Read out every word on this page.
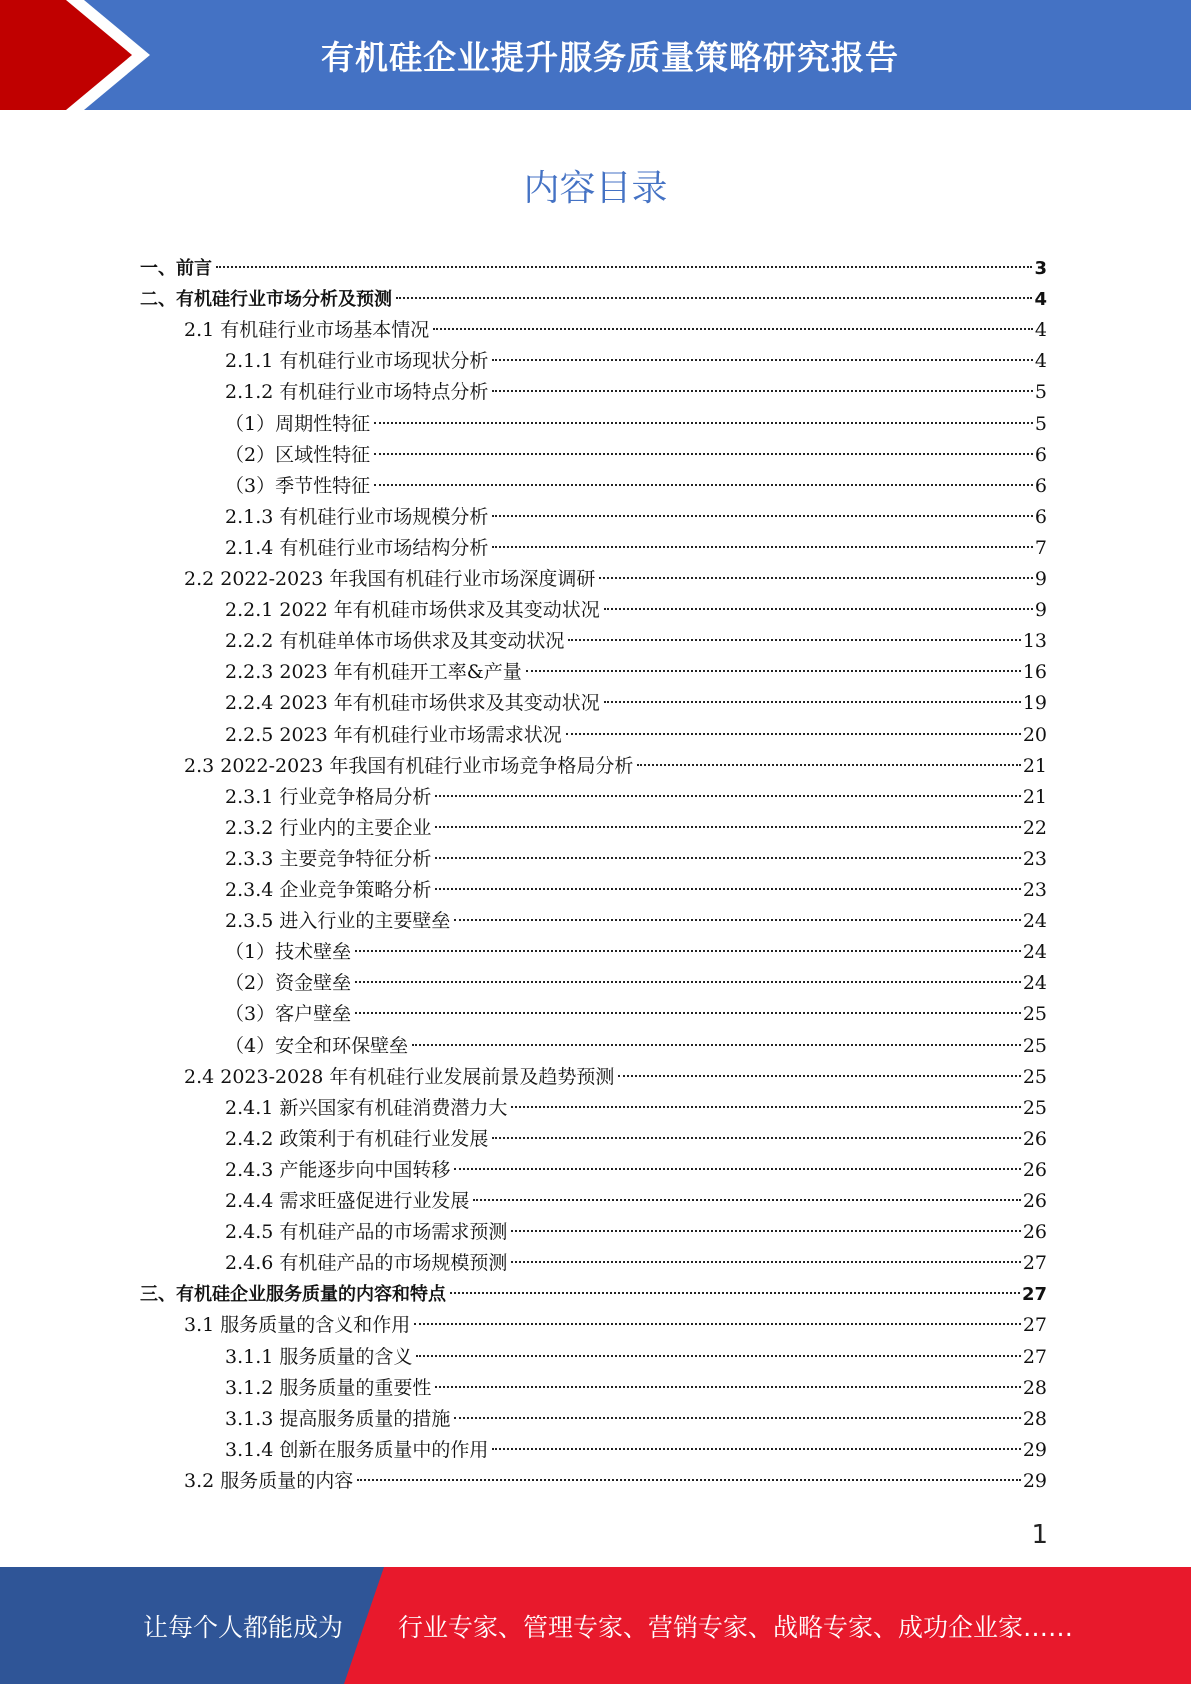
有机硅企业提升服务质量策略研究报告
内容目录
一、前言	3
二、有机硅行业市场分析及预测	4
2.1 有机硅行业市场基本情况	4
2.1.1 有机硅行业市场现状分析	4
2.1.2 有机硅行业市场特点分析	5
（1）周期性特征	5
（2）区域性特征	6
（3）季节性特征	6
2.1.3 有机硅行业市场规模分析	6
2.1.4 有机硅行业市场结构分析	7
2.2 2022-2023 年我国有机硅行业市场深度调研	9
2.2.1 2022 年有机硅市场供求及其变动状况	9
2.2.2 有机硅单体市场供求及其变动状况	13
2.2.3 2023 年有机硅开工率&产量	16
2.2.4 2023 年有机硅市场供求及其变动状况	19
2.2.5 2023 年有机硅行业市场需求状况	20
2.3 2022-2023 年我国有机硅行业市场竞争格局分析	21
2.3.1 行业竞争格局分析	21
2.3.2 行业内的主要企业	22
2.3.3 主要竞争特征分析	23
2.3.4 企业竞争策略分析	23
2.3.5 进入行业的主要壁垒	24
（1）技术壁垒	24
（2）资金壁垒	24
（3）客户壁垒	25
（4）安全和环保壁垒	25
2.4 2023-2028 年有机硅行业发展前景及趋势预测	25
2.4.1 新兴国家有机硅消费潜力大	25
2.4.2 政策利于有机硅行业发展	26
2.4.3 产能逐步向中国转移	26
2.4.4 需求旺盛促进行业发展	26
2.4.5 有机硅产品的市场需求预测	26
2.4.6 有机硅产品的市场规模预测	27
三、有机硅企业服务质量的内容和特点	27
3.1 服务质量的含义和作用	27
3.1.1 服务质量的含义	27
3.1.2 服务质量的重要性	28
3.1.3 提高服务质量的措施	28
3.1.4 创新在服务质量中的作用	29
3.2 服务质量的内容	29
1
让每个人都能成为 行业专家、管理专家、营销专家、战略专家、成功企业家……
